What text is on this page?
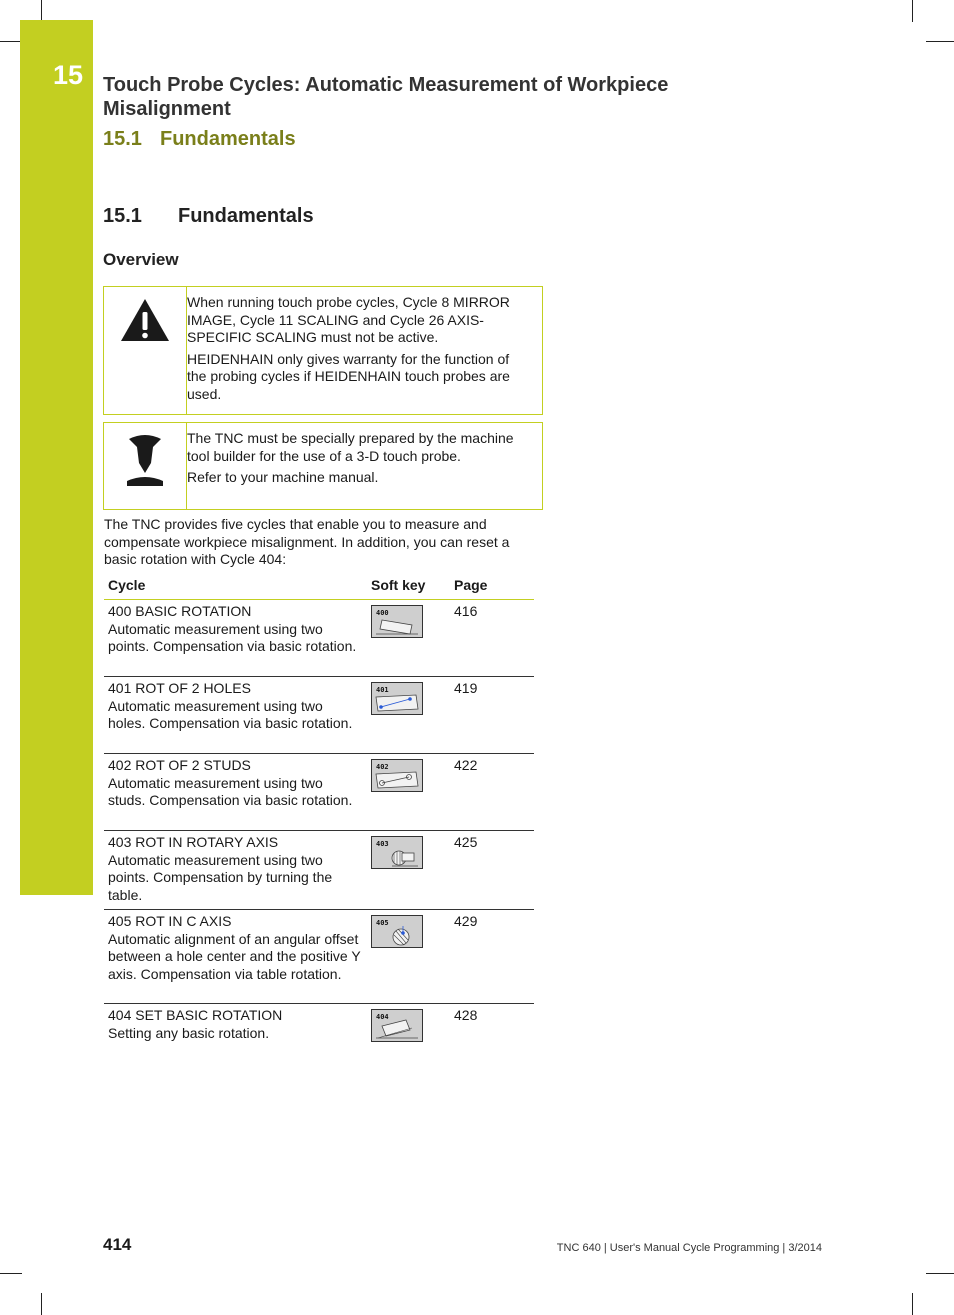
15 Touch Probe Cycles: Automatic Measurement of Workpiece Misalignment
15.1 Fundamentals
15.1 Fundamentals
Overview

When running touch probe cycles, Cycle 8 MIRROR IMAGE, Cycle 11 SCALING and Cycle 26 AXIS-SPECIFIC SCALING must not be active.

HEIDENHAIN only gives warranty for the function of the probing cycles if HEIDENHAIN touch probes are used.

The TNC must be specially prepared by the machine tool builder for the use of a 3-D touch probe.

Refer to your machine manual.

The TNC provides five cycles that enable you to measure and compensate workpiece misalignment. In addition, you can reset a basic rotation with Cycle 404:

Cycle	Soft key	Page

400 BASIC ROTATION
Automatic measurement using two points. Compensation via basic rotation.	400	416

401 ROT OF 2 HOLES
Automatic measurement using two holes. Compensation via basic rotation.	401	419

402 ROT OF 2 STUDS
Automatic measurement using two studs. Compensation via basic rotation.	402	422

403 ROT IN ROTARY AXIS
Automatic measurement using two points. Compensation by turning the table.	403	425

405 ROT IN C AXIS
Automatic alignment of an angular offset between a hole center and the positive Y axis. Compensation via table rotation.	405	429

404 SET BASIC ROTATION
Setting any basic rotation.	404	428
414	TNC 640 | User's Manual Cycle Programming | 3/2014
